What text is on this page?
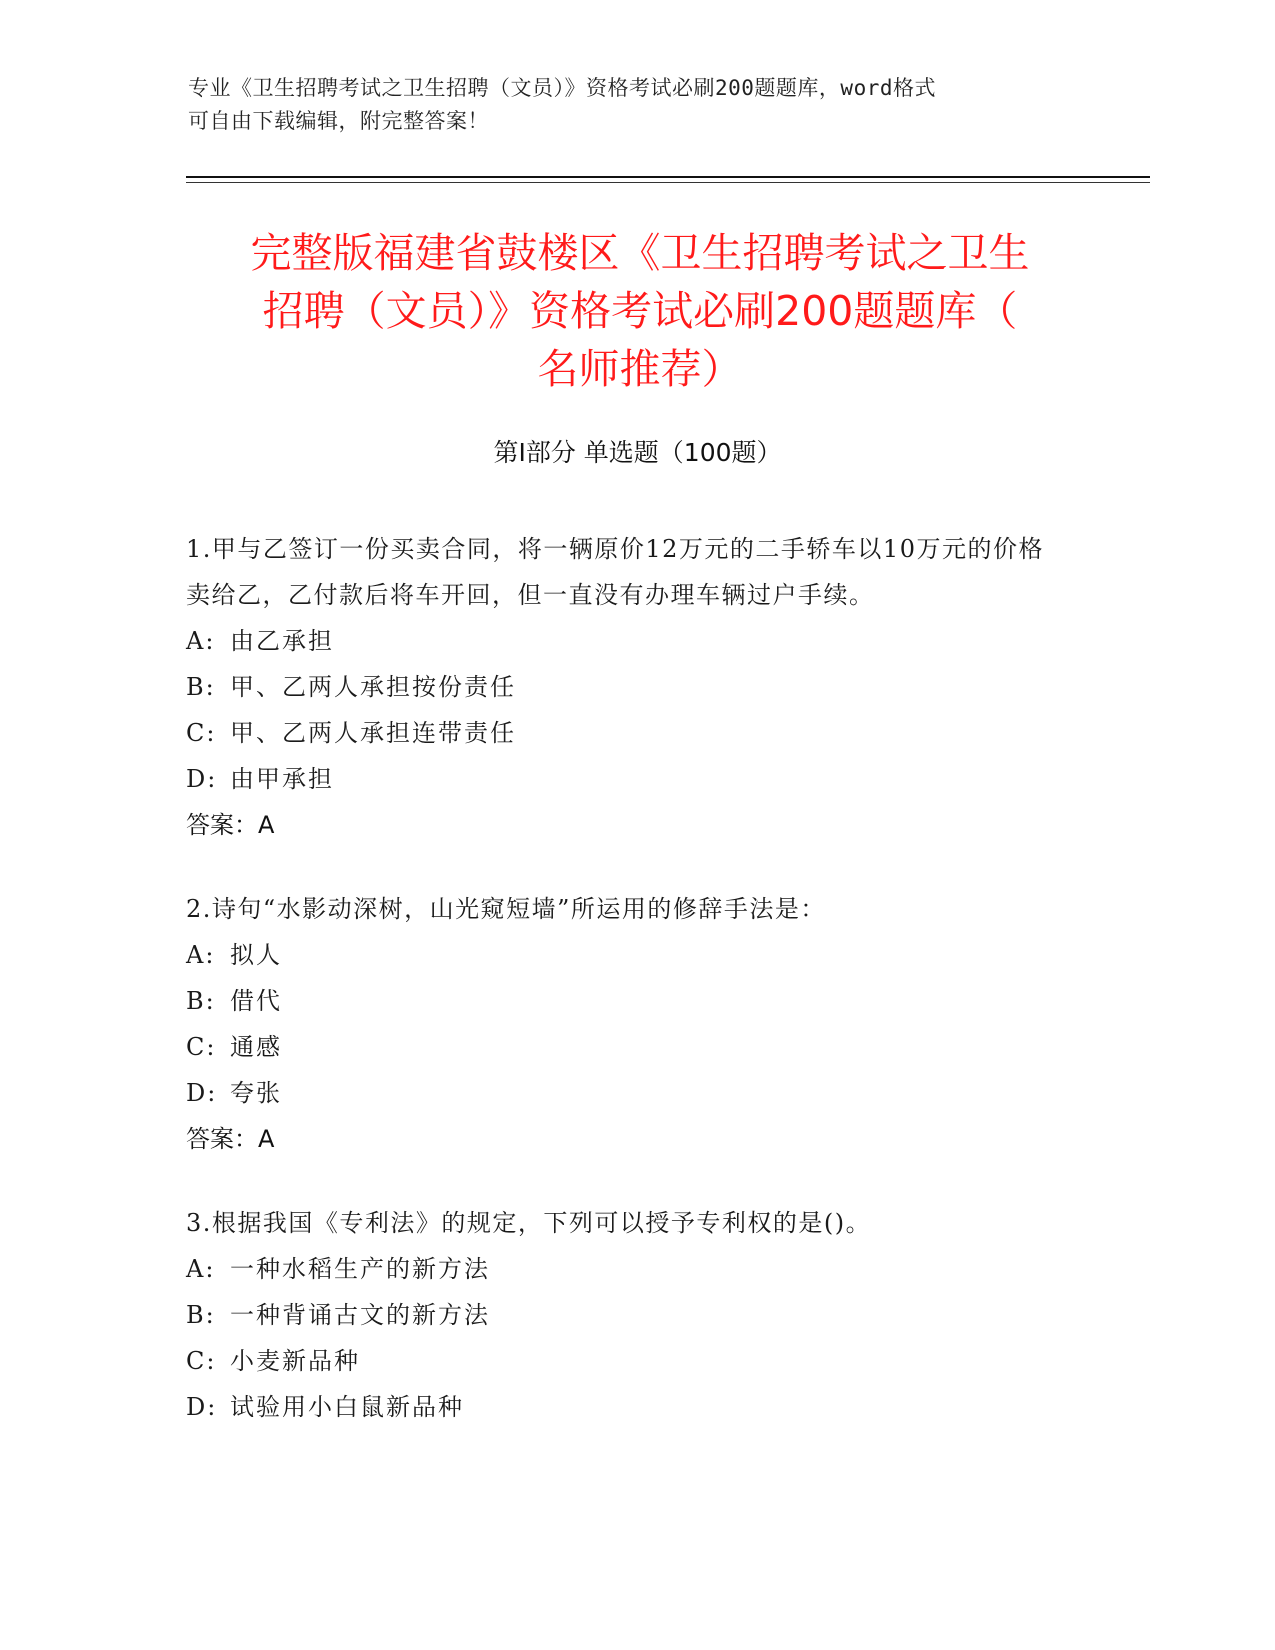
专业《卫生招聘考试之卫生招聘（文员）》资格考试必刷200题题库，word格式
可自由下载编辑，附完整答案！
完整版福建省鼓楼区《卫生招聘考试之卫生
招聘（文员）》资格考试必刷200题题库（
名师推荐）
第Ⅰ部分 单选题（100题）
1.甲与乙签订一份买卖合同，将一辆原价12万元的二手轿车以10万元的价格卖给乙，乙付款后将车开回，但一直没有办理车辆过户手续。
A: 由乙承担
B: 甲、乙两人承担按份责任
C: 甲、乙两人承担连带责任
D: 由甲承担
答案：A
2.诗句“水影动深树，山光窥短墙”所运用的修辞手法是：
A: 拟人
B: 借代
C: 通感
D: 夸张
答案：A
3.根据我国《专利法》的规定，下列可以授予专利权的是()。
A: 一种水稻生产的新方法
B: 一种背诵古文的新方法
C: 小麦新品种
D: 试验用小白鼠新品种
